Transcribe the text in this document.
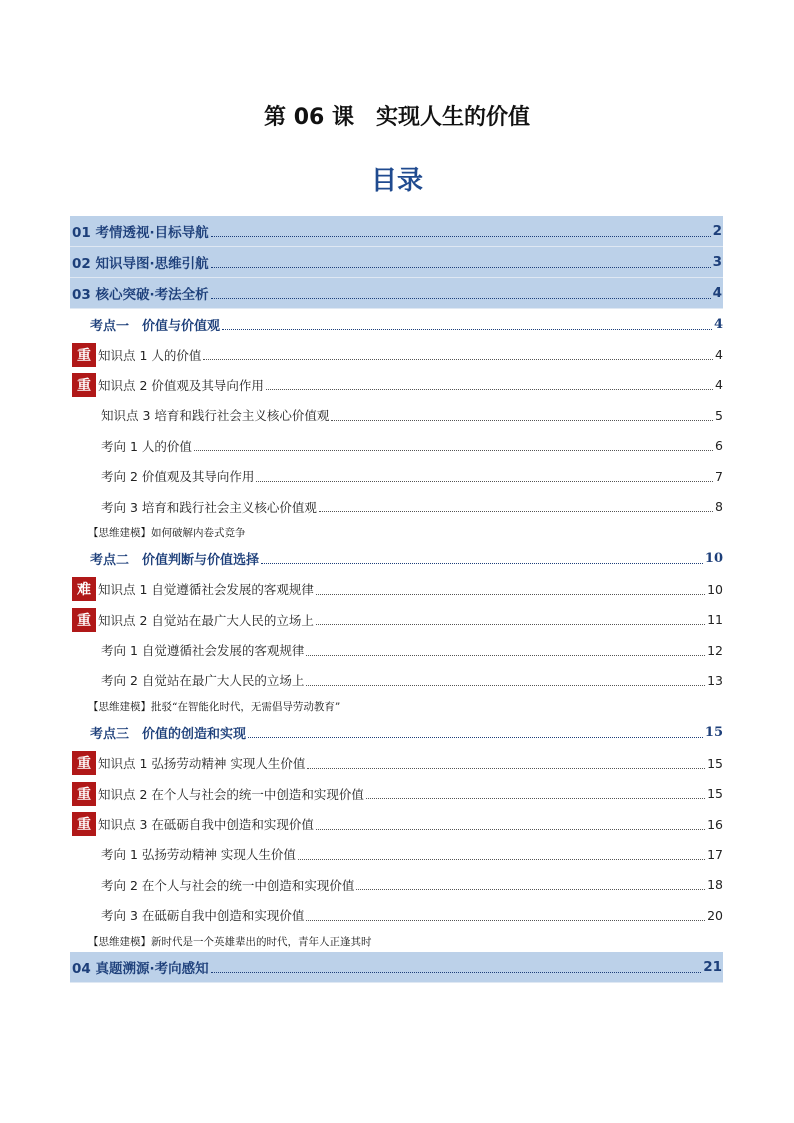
第 06 课　实现人生的价值
目录
01 考情透视·目标导航	2
02 知识导图·思维引航	3
03 核心突破·考法全析	4
考点一　价值与价值观	4
重 知识点 1 人的价值	4
重 知识点 2 价值观及其导向作用	4
知识点 3 培育和践行社会主义核心价值观	5
考向 1 人的价值	6
考向 2 价值观及其导向作用	7
考向 3 培育和践行社会主义核心价值观	8
【思维建模】如何破解内卷式竞争
考点二　价值判断与价值选择	10
难 知识点 1 自觉遵循社会发展的客观规律	10
重 知识点 2 自觉站在最广大人民的立场上	11
考向 1 自觉遵循社会发展的客观规律	12
考向 2 自觉站在最广大人民的立场上	13
【思维建模】批驳“在智能化时代，无需倡导劳动教育”
考点三　价值的创造和实现	15
重 知识点 1 弘扬劳动精神 实现人生价值	15
重 知识点 2 在个人与社会的统一中创造和实现价值	15
重 知识点 3 在砥砺自我中创造和实现价值	16
考向 1 弘扬劳动精神 实现人生价值	17
考向 2 在个人与社会的统一中创造和实现价值	18
考向 3 在砥砺自我中创造和实现价值	20
【思维建模】新时代是一个英雄辈出的时代，青年人正逢其时
04 真题溯源·考向感知	21
